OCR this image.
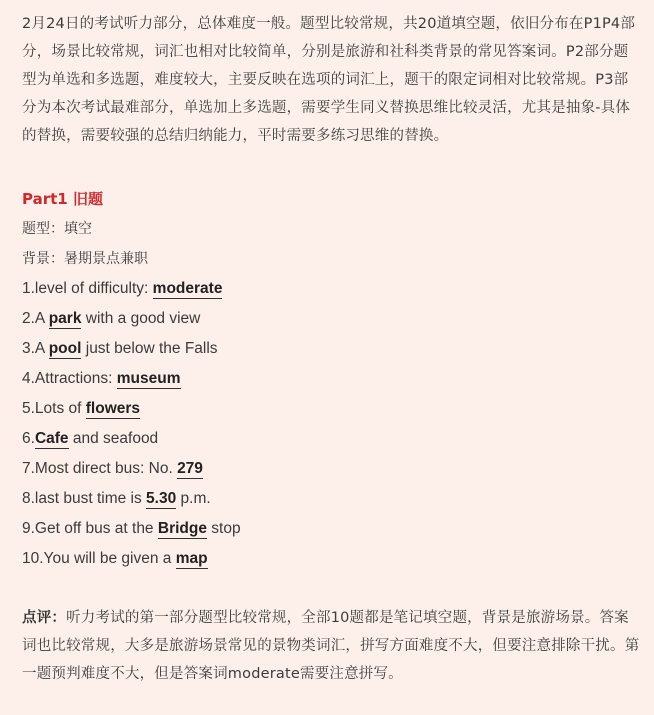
2月24日的考试听力部分，总体难度一般。题型比较常规，共20道填空题，依旧分布在P1P4部分，场景比较常规，词汇也相对比较简单，分别是旅游和社科类背景的常见答案词。P2部分题型为单选和多选题，难度较大，主要反映在选项的词汇上，题干的限定词相对比较常规。P3部分为本次考试最难部分，单选加上多选题，需要学生同义替换思维比较灵活，尤其是抽象-具体的替换，需要较强的总结归纳能力，平时需要多练习思维的替换。

Part1 旧题

题型：填空

背景：暑期景点兼职

1.level of difficulty: moderate
2.A park with a good view
3.A pool just below the Falls
4.Attractions: museum
5.Lots of flowers
6.Cafe and seafood
7.Most direct bus: No. 279
8.last bust time is 5.30 p.m.
9.Get off bus at the Bridge stop
10.You will be given a map

点评：听力考试的第一部分题型比较常规，全部10题都是笔记填空题，背景是旅游场景。答案词也比较常规，大多是旅游场景常见的景物类词汇，拼写方面难度不大，但要注意排除干扰。第一题预判难度不大，但是答案词moderate需要注意拼写。
